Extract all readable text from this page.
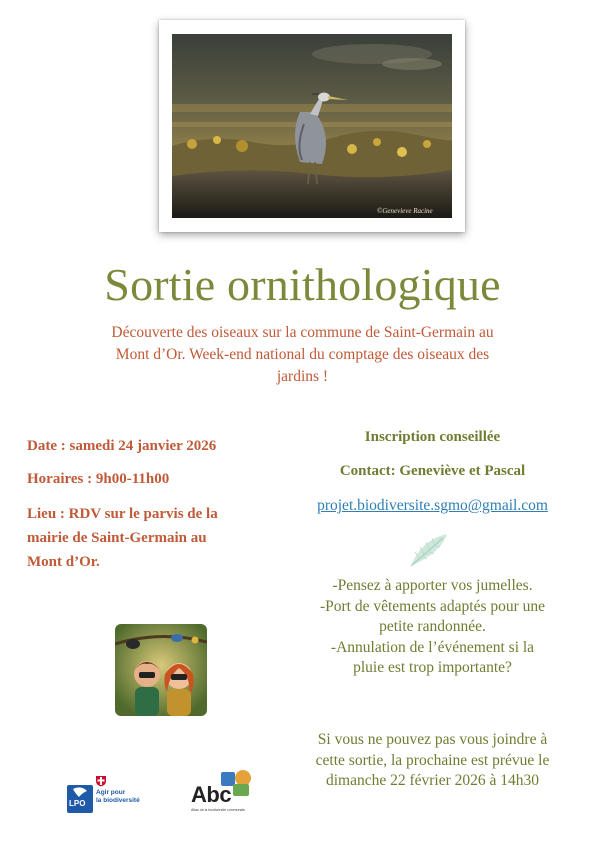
©Genevieve Racine
Sortie ornithologique
Découverte des oiseaux sur la commune de Saint-Germain au
Mont d’Or. Week-end national du comptage des oiseaux des
jardins !
Date : samedi 24 janvier 2026
Horaires : 9h00-11h00
Lieu : RDV sur le parvis de la
mairie de Saint-Germain au
Mont d’Or.
Inscription conseillée
Contact: Geneviève et Pascal
projet.biodiversite.sgmo@gmail.com
-Pensez à apporter vos jumelles.
-Port de vêtements adaptés pour une
petite randonnée.
-Annulation de l’événement si la
pluie est trop importante?
Si vous ne pouvez pas vous joindre à
cette sortie, la prochaine est prévue le
dimanche 22 février 2026 à 14h30
LPO
Agir pour
la biodiversité Abc
Atlas de la biodiversité communale
